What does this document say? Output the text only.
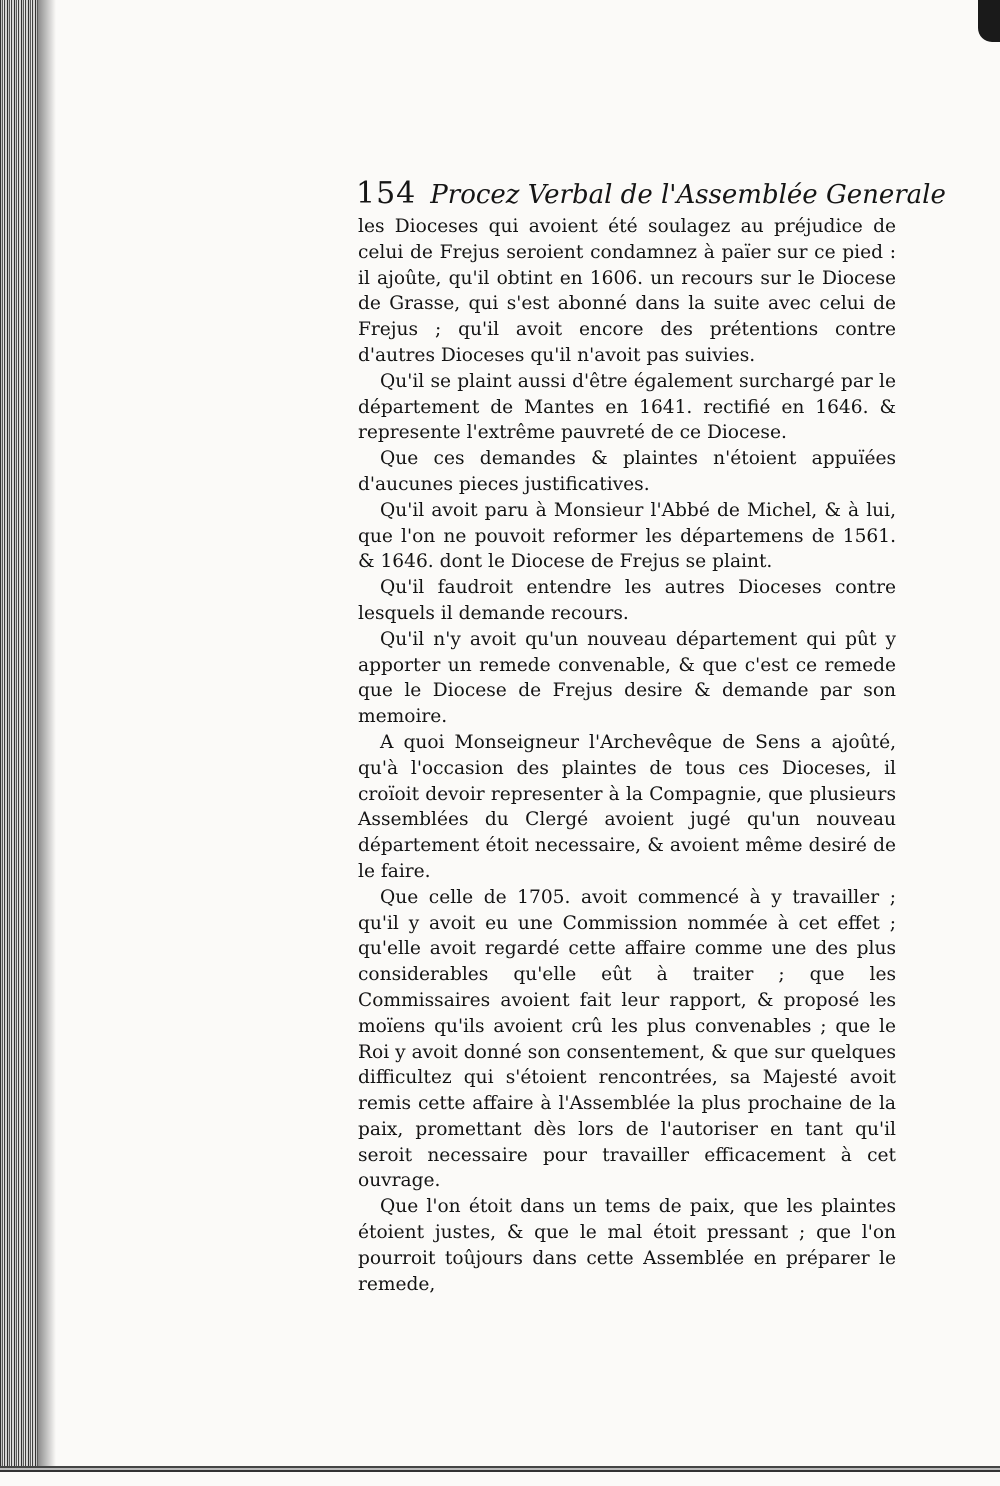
154 Procez Verbal de l'Assemblée Generale

les Dioceses qui avoient été soulagez au préjudice de celui de Frejus seroient condamnez à païer sur ce pied : il ajoûte, qu'il obtint en 1606. un recours sur le Diocese de Grasse, qui s'est abonné dans la suite avec celui de Frejus ; qu'il avoit encore des prétentions contre d'autres Dioceses qu'il n'avoit pas suivies.

Qu'il se plaint aussi d'être également surchargé par le département de Mantes en 1641. rectifié en 1646. & represente l'extrême pauvreté de ce Diocese.

Que ces demandes & plaintes n'étoient appuïées d'aucunes pieces justificatives.

Qu'il avoit paru à Monsieur l'Abbé de Michel, & à lui, que l'on ne pouvoit reformer les départemens de 1561. & 1646. dont le Diocese de Frejus se plaint.

Qu'il faudroit entendre les autres Dioceses contre lesquels il demande recours.

Qu'il n'y avoit qu'un nouveau département qui pût y apporter un remede convenable, & que c'est ce remede que le Diocese de Frejus desire & demande par son memoire.

A quoi Monseigneur l'Archevêque de Sens a ajoûté, qu'à l'occasion des plaintes de tous ces Dioceses, il croïoit devoir representer à la Compagnie, que plusieurs Assemblées du Clergé avoient jugé qu'un nouveau département étoit necessaire, & avoient même desiré de le faire.

Que celle de 1705. avoit commencé à y travailler ; qu'il y avoit eu une Commission nommée à cet effet ; qu'elle avoit regardé cette affaire comme une des plus considerables qu'elle eût à traiter ; que les Commissaires avoient fait leur rapport, & proposé les moïens qu'ils avoient crû les plus convenables ; que le Roi y avoit donné son consentement, & que sur quelques difficultez qui s'étoient rencontrées, sa Majesté avoit remis cette affaire à l'Assemblée la plus prochaine de la paix, promettant dès lors de l'autoriser en tant qu'il seroit necessaire pour travailler efficacement à cet ouvrage.

Que l'on étoit dans un tems de paix, que les plaintes étoient justes, & que le mal étoit pressant ; que l'on pourroit toûjours dans cette Assemblée en préparer le remede,
